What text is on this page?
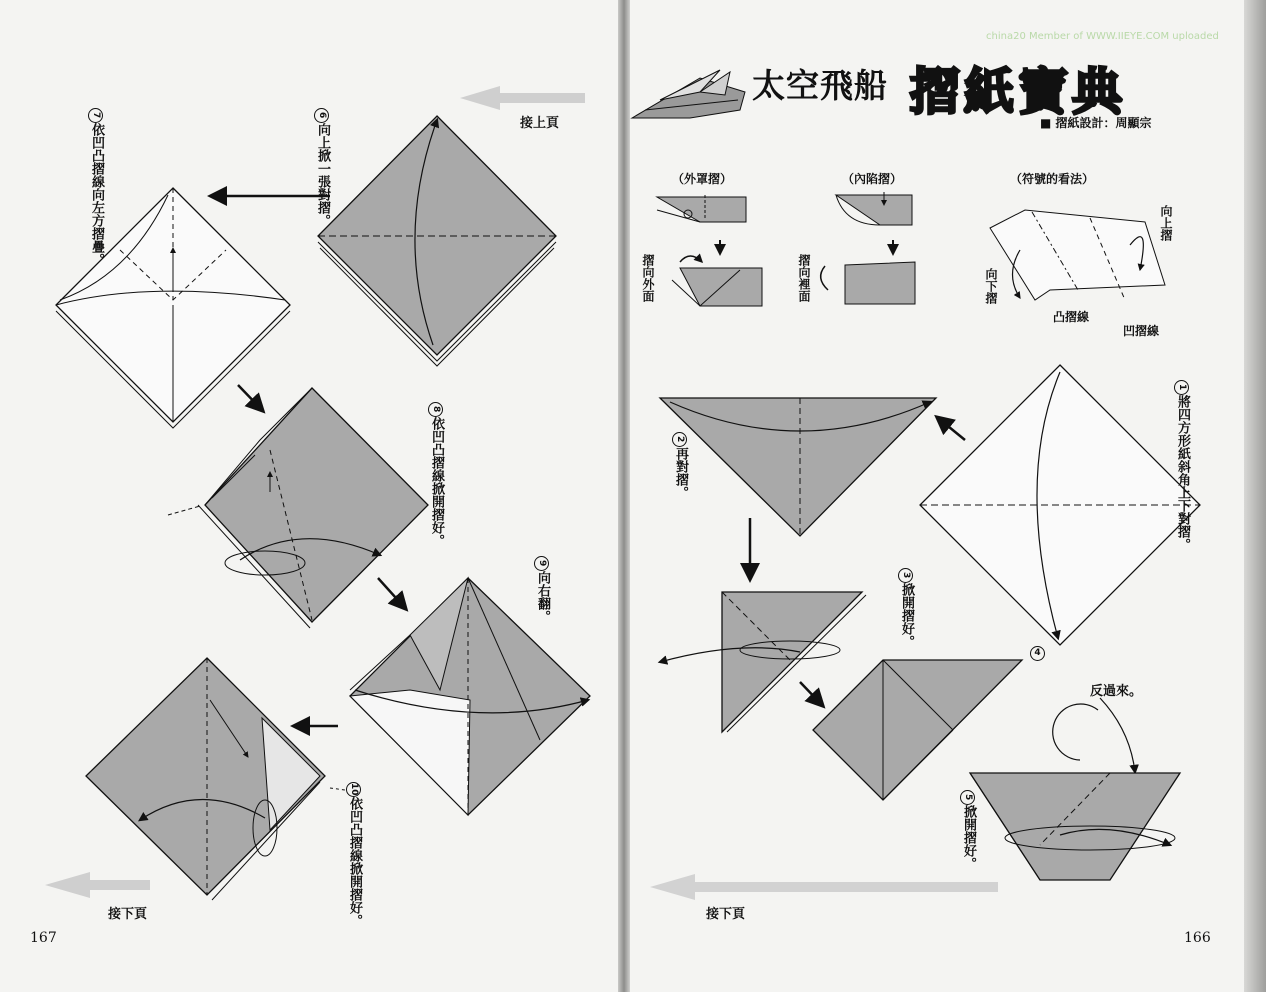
china20 Member of WWW.IIEYE.COM uploaded
太空飛船 摺紙寶典
■ 摺紙設計：周顯宗
（外罩摺）	（內陷摺）	（符號的看法）
摺向外面	摺向裡面
向上摺
向下摺
凸摺線
凹摺線
接上頁
接下頁	接下頁
1將四方形紙斜角上下對摺。
2再對摺。
3掀開摺好。
4
反過來。
5掀開摺好。
6向上掀一張對摺。
7依凹凸摺線向左方摺疊。
8依凹凸摺線掀開摺好。
9向右翻。
10依凹凸摺線掀開摺好。
167	166
